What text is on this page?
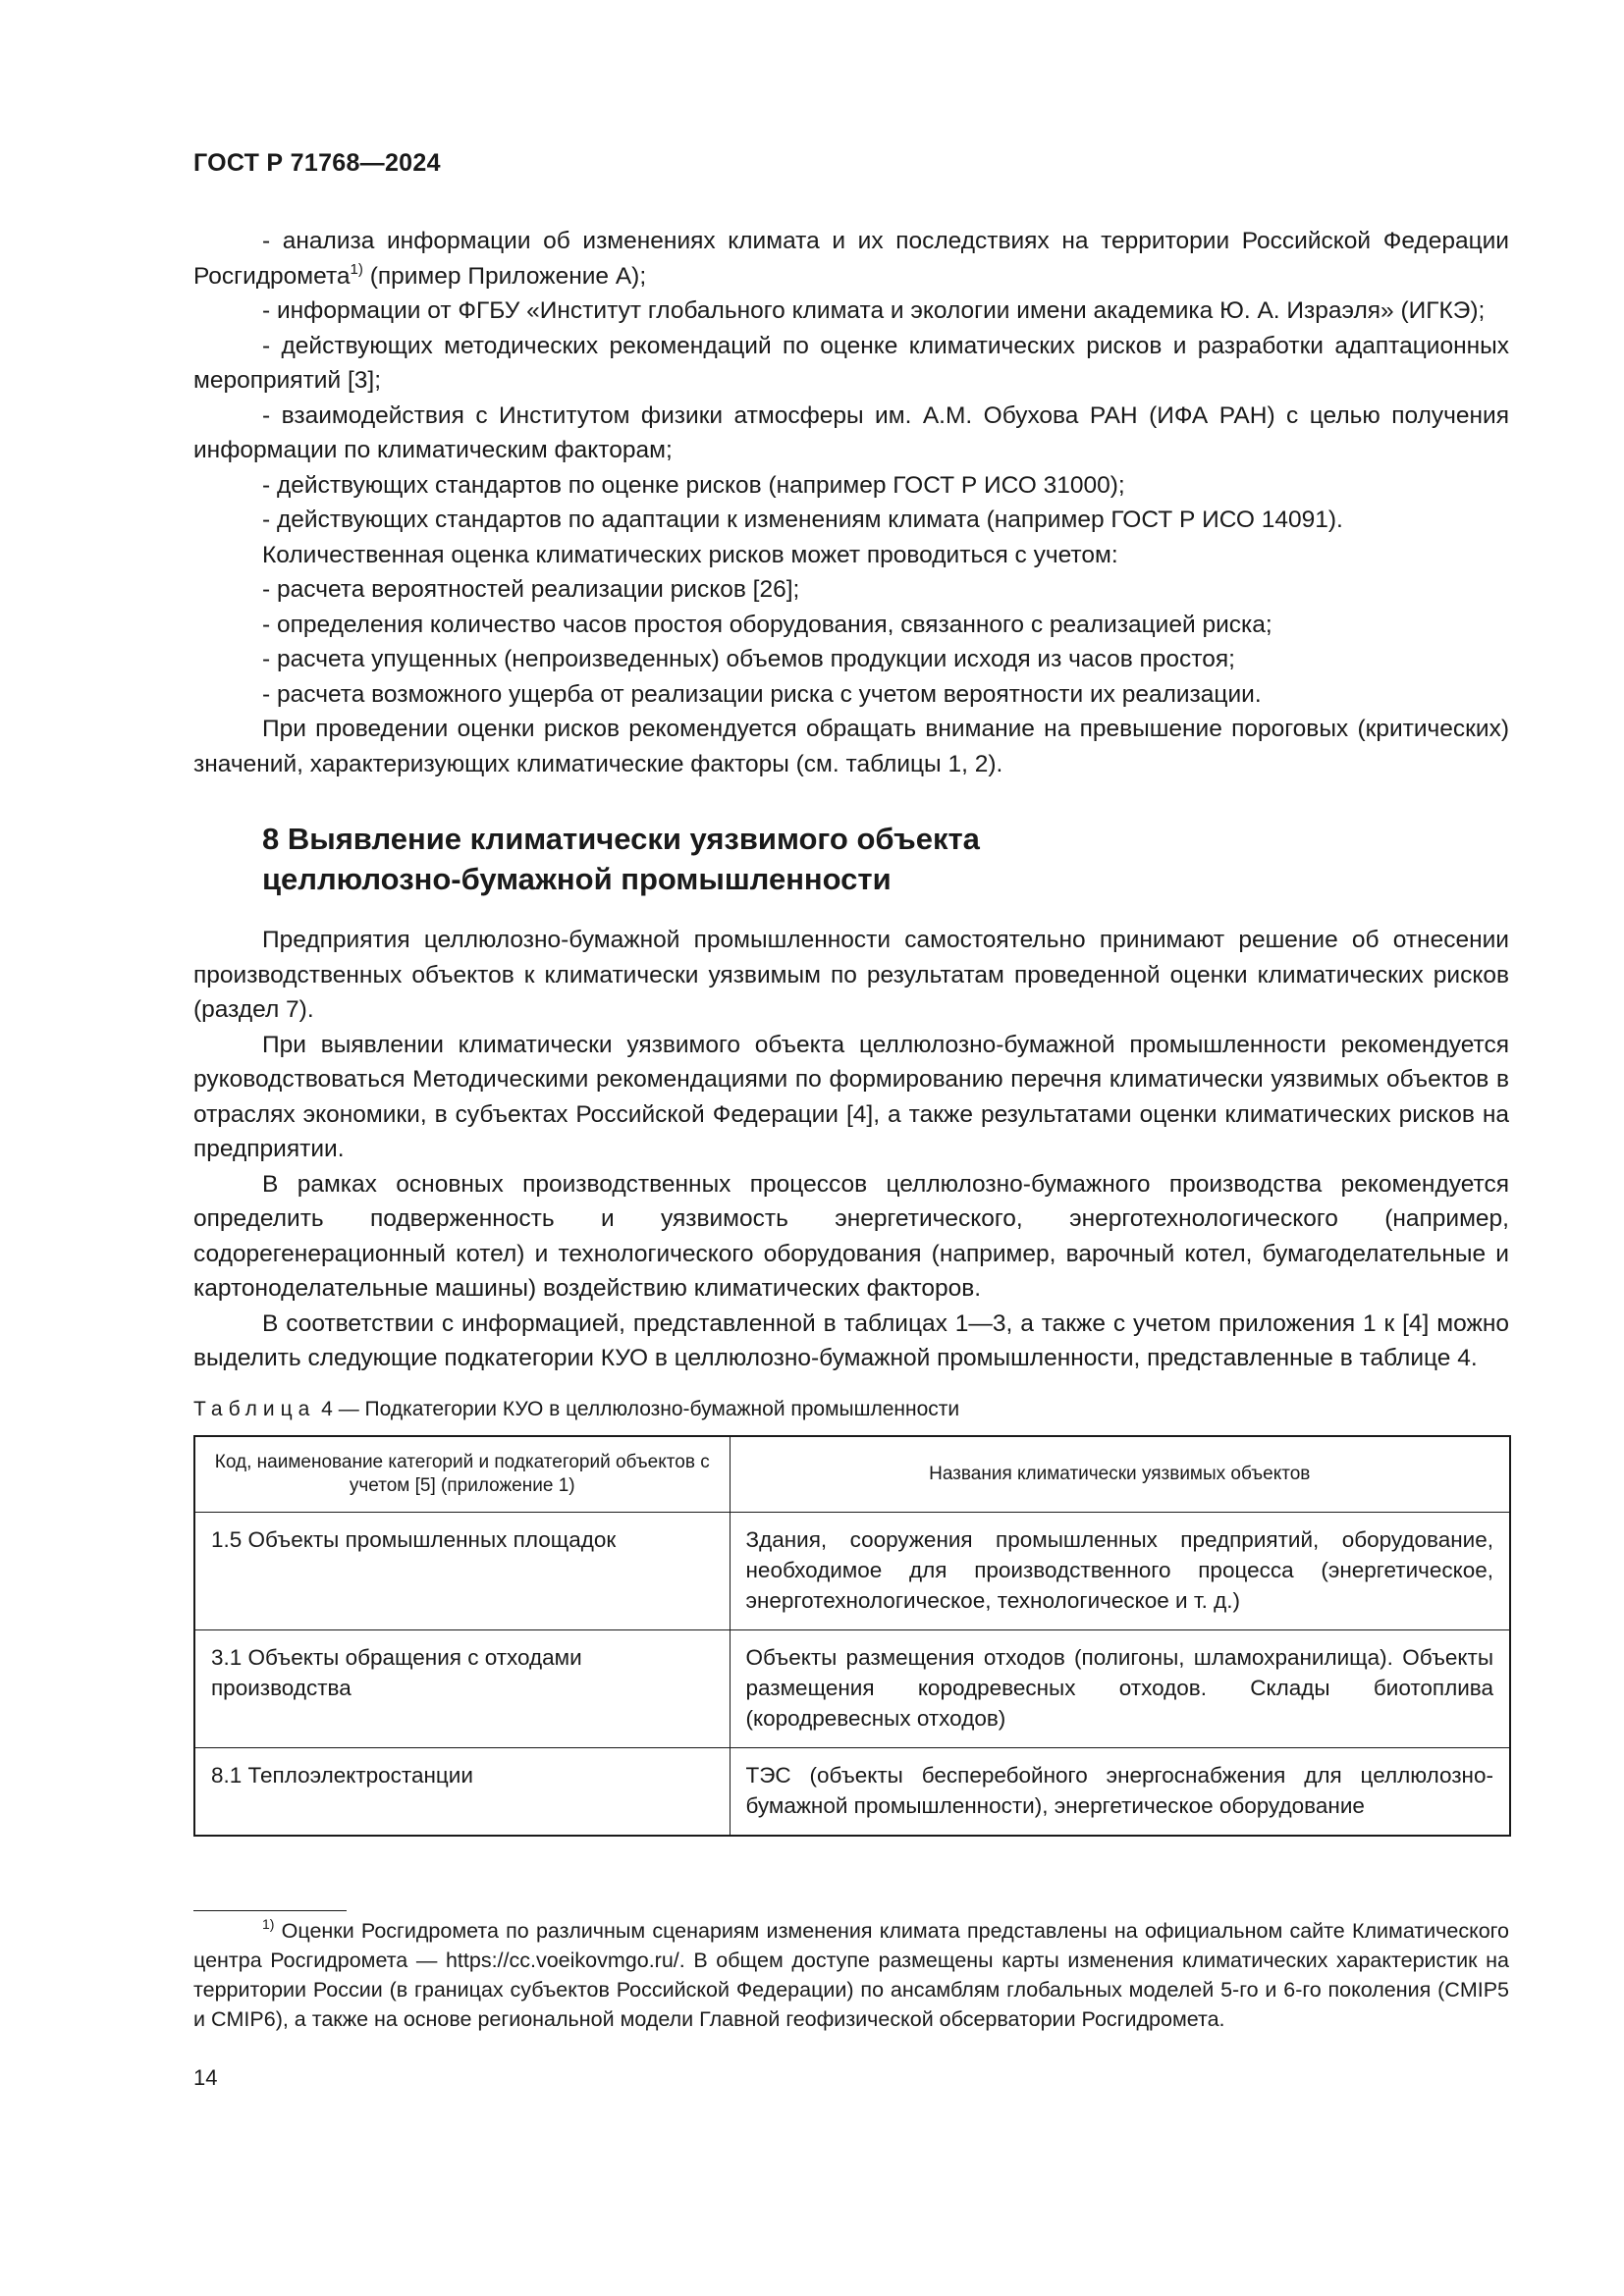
ГОСТ Р 71768—2024

- анализа информации об изменениях климата и их последствиях на территории Российской Федерации Росгидромета$^{1)}$ (пример Приложение А);

- информации от ФГБУ «Институт глобального климата и экологии имени академика Ю. А. Израэля» (ИГКЭ);

- действующих методических рекомендаций по оценке климатических рисков и разработки адаптационных мероприятий [3];

- взаимодействия с Институтом физики атмосферы им. А.М. Обухова РАН (ИФА РАН) с целью получения информации по климатическим факторам;

- действующих стандартов по оценке рисков (например ГОСТ Р ИСО 31000);

- действующих стандартов по адаптации к изменениям климата (например ГОСТ Р ИСО 14091).

Количественная оценка климатических рисков может проводиться с учетом:

- расчета вероятностей реализации рисков [26];

- определения количество часов простоя оборудования, связанного с реализацией риска;

- расчета упущенных (непроизведенных) объемов продукции исходя из часов простоя;

- расчета возможного ущерба от реализации риска с учетом вероятности их реализации.

При проведении оценки рисков рекомендуется обращать внимание на превышение пороговых (критических) значений, характеризующих климатические факторы (см. таблицы 1, 2).

8 Выявление климатически уязвимого объекта
целлюлозно-бумажной промышленности

Предприятия целлюлозно-бумажной промышленности самостоятельно принимают решение об отнесении производственных объектов к климатически уязвимым по результатам проведенной оценки климатических рисков (раздел 7).

При выявлении климатически уязвимого объекта целлюлозно-бумажной промышленности рекомендуется руководствоваться Методическими рекомендациями по формированию перечня климатически уязвимых объектов в отраслях экономики, в субъектах Российской Федерации [4], а также результатами оценки климатических рисков на предприятии.

В рамках основных производственных процессов целлюлозно-бумажного производства рекомендуется определить подверженность и уязвимость энергетического, энерготехнологического (например, содорегенерационный котел) и технологического оборудования (например, варочный котел, бумагоделательные и картоноделательные машины) воздействию климатических факторов.

В соответствии с информацией, представленной в таблицах 1—3, а также с учетом приложения 1 к [4] можно выделить следующие подкатегории КУО в целлюлозно-бумажной промышленности, представленные в таблице 4.

Таблица 4 — Подкатегории КУО в целлюлозно-бумажной промышленности
Код, наименование категорий и подкатегорий объектов с учетом [5] (приложение 1)	Названия климатически уязвимых объектов
1.5 Объекты промышленных площадок	Здания, сооружения промышленных предприятий, оборудование, необходимое для производственного процесса (энергетическое, энерготехнологическое, технологическое и т. д.)
3.1 Объекты обращения с отходами производства	Объекты размещения отходов (полигоны, шламохранилища). Объекты размещения кородревесных отходов. Склады биотоплива (кородревесных отходов)
8.1 Теплоэлектростанции	ТЭС (объекты бесперебойного энергоснабжения для целлюлозно-бумажной промышленности), энергетическое оборудование
$^{1)}$ Оценки Росгидромета по различным сценариям изменения климата представлены на официальном сайте Климатического центра Росгидромета — https://cc.voeikovmgo.ru/. В общем доступе размещены карты изменения климатических характеристик на территории России (в границах субъектов Российской Федерации) по ансамблям глобальных моделей 5-го и 6-го поколения (CMIP5 и CMIP6), а также на основе региональной модели Главной геофизической обсерватории Росгидромета.
14
